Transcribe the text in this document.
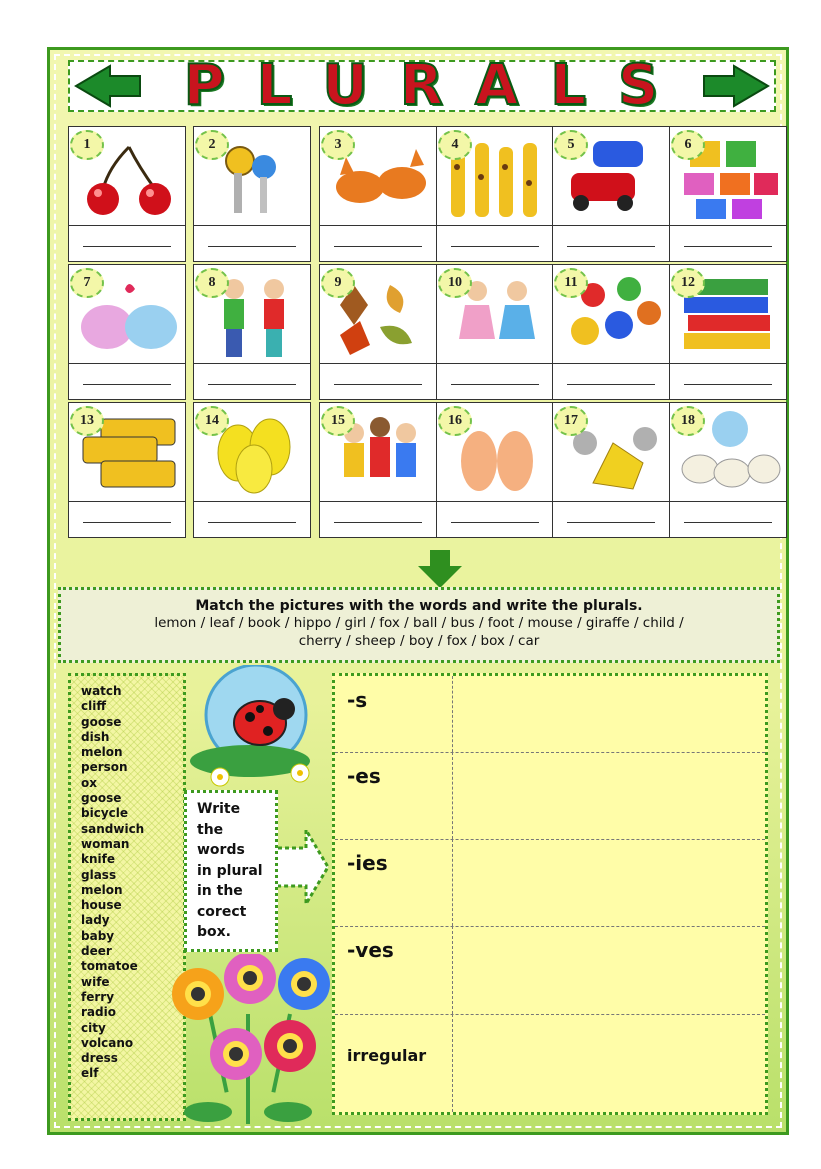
PLURALS
1	2	3	4	5	6
7	8	9	10	11	12
13	14	15	16	17	18
Match the pictures with the words and write the plurals.
lemon / leaf / book / hippo / girl / fox / ball / bus / foot / mouse / giraffe / child /
cherry / sheep / boy / fox / box / car
watch
cliff
goose
dish
melon
person
ox
goose
bicycle
sandwich
woman
knife
glass
melon
house
lady
baby
deer
tomatoe
wife
ferry
radio
city
volcano
dress
elf
Write
the
words
in plural
in the
corect
box.
-s
-es
-ies
-ves
irregular
